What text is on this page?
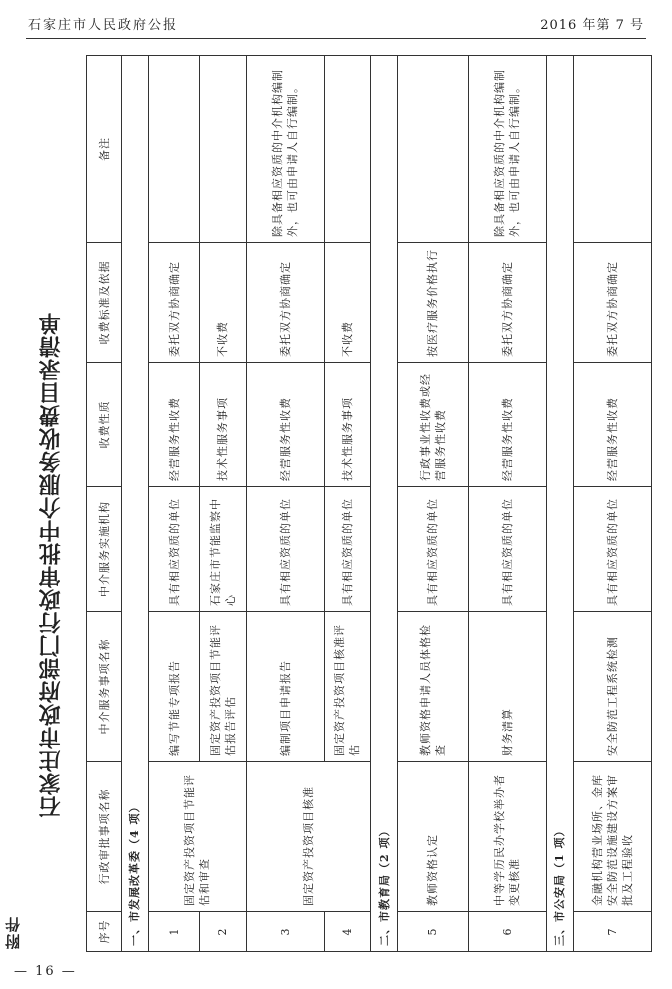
石家庄市人民政府公报	2016 年第 7 号
附件
石家庄市政府部门行政审批中介服务收费目录清单
序号	行政审批事项名称	中介服务事项名称	中介服务实施机构	收费性质	收费标准及依据	备注
一、市发展改革委（4 项）						
1	固定资产投资项目节能评估和审查	编写节能专项报告	具有相应资质的单位	经营服务性收费	委托双方协商确定	
2		固定资产投资项目节能评估报告评估	石家庄市节能监察中心	技术性服务事项	不收费	
3	固定资产投资项目核准	编制项目申请报告	具有相应资质的单位	经营服务性收费	委托双方协商确定	除具备相应资质的中介机构编制外，也可由申请人自行编制。
4		固定资产投资项目核准评估	具有相应资质的单位	技术性服务事项	不收费	
二、市教育局（2 项）						
5	教师资格认定	教师资格申请人员体格检查	具有相应资质的单位	行政事业性收费或经营服务性收费	按医疗服务价格执行	
6	中等学历民办学校举办者变更核准	财务清算	具有相应资质的单位	经营服务性收费	委托双方协商确定	除具备相应资质的中介机构编制外，也可由申请人自行编制。
三、市公安局（1 项）						
7	金融机构营业场所、金库安全防范设施建设方案审批及工程验收	安全防范工程系统检测	具有相应资质的单位	经营服务性收费	委托双方协商确定	
— 16 —
